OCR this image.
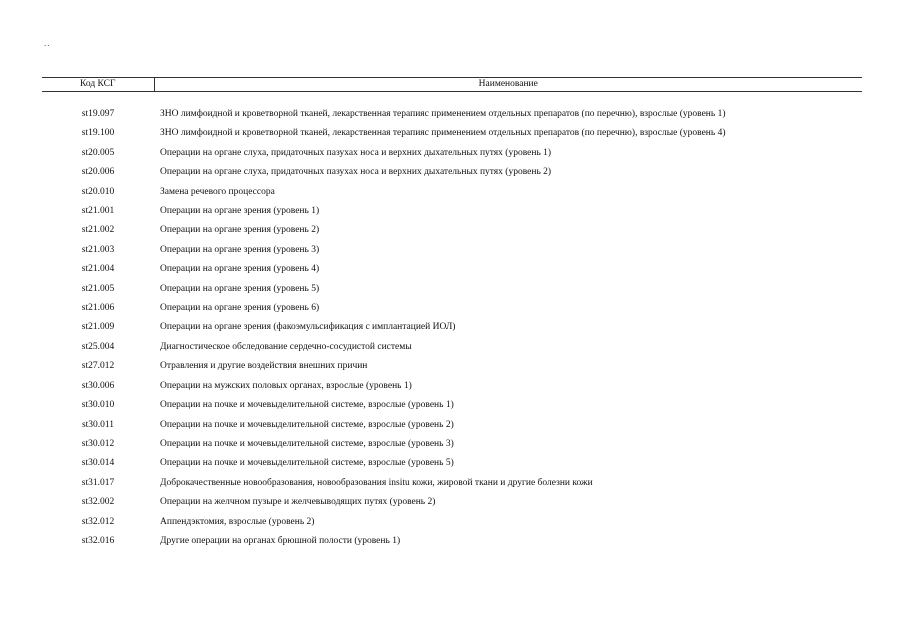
..
Код КСГ	Наименование

st19.097	ЗНО лимфоидной и кроветворной тканей, лекарственная терапияс применением отдельных препаратов (по перечню), взрослые (уровень 1)
st19.100	ЗНО лимфоидной и кроветворной тканей, лекарственная терапияс применением отдельных препаратов (по перечню), взрослые (уровень 4)
st20.005	Операции на органе слуха, придаточных пазухах носа и верхних дыхательных путях (уровень 1)
st20.006	Операции на органе слуха, придаточных пазухах носа и верхних дыхательных путях (уровень 2)
st20.010	Замена речевого процессора
st21.001	Операции на органе зрения (уровень 1)
st21.002	Операции на органе зрения (уровень 2)
st21.003	Операции на органе зрения (уровень 3)
st21.004	Операции на органе зрения (уровень 4)
st21.005	Операции на органе зрения (уровень 5)
st21.006	Операции на органе зрения (уровень 6)
st21.009	Операции на органе зрения (факоэмульсификация с имплантацией ИОЛ)
st25.004	Диагностическое обследование сердечно-сосудистой системы
st27.012	Отравления и другие воздействия внешних причин
st30.006	Операции на мужских половых органах, взрослые (уровень 1)
st30.010	Операции на почке и мочевыделительной системе, взрослые (уровень 1)
st30.011	Операции на почке и мочевыделительной системе, взрослые (уровень 2)
st30.012	Операции на почке и мочевыделительной системе, взрослые (уровень 3)
st30.014	Операции на почке и мочевыделительной системе, взрослые (уровень 5)
st31.017	Доброкачественные новообразования, новообразования insitu кожи, жировой ткани и другие болезни кожи
st32.002	Операции на желчном пузыре и желчевыводящих путях (уровень 2)
st32.012	Аппендэктомия, взрослые (уровень 2)
st32.016	Другие операции на органах брюшной полости (уровень 1)
